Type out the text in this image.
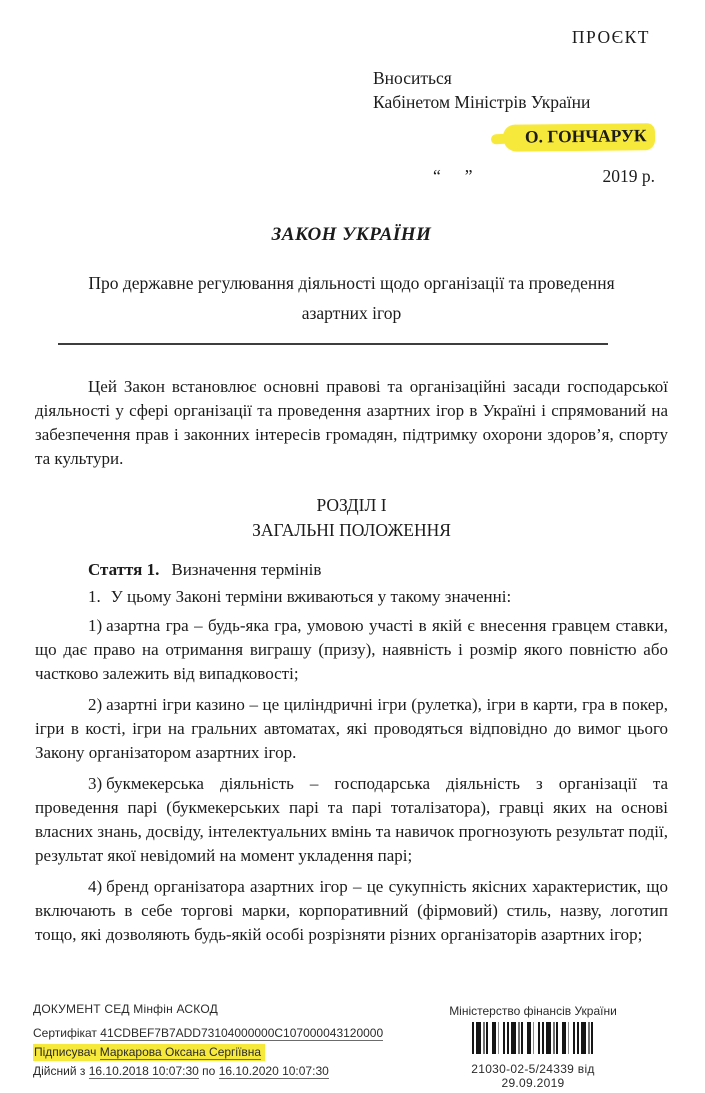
ПРОЄКТ
Вноситься
Кабінетом Міністрів України
О. ГОНЧАРУК
“”	2019 р.
ЗАКОН УКРАЇНИ
Про державне регулювання діяльності щодо організації та проведення азартних ігор

Цей Закон встановлює основні правові та організаційні засади господарської діяльності у сфері організації та проведення азартних ігор в Україні і спрямований на забезпечення прав і законних інтересів громадян, підтримку охорони здоров’я, спорту та культури.

РОЗДІЛ І
ЗАГАЛЬНІ ПОЛОЖЕННЯ

Стаття 1. Визначення термінів

1. У цьому Законі терміни вживаються у такому значенні:

1) азартна гра – будь-яка гра, умовою участі в якій є внесення гравцем ставки, що дає право на отримання виграшу (призу), наявність і розмір якого повністю або частково залежить від випадковості;

2) азартні ігри казино – це циліндричні ігри (рулетка), ігри в карти, гра в покер, ігри в кості, ігри на гральних автоматах, які проводяться відповідно до вимог цього Закону організатором азартних ігор.

3) букмекерська діяльність – господарська діяльність з організації та проведення парі (букмекерських парі та парі тоталізатора), гравці яких на основі власних знань, досвіду, інтелектуальних вмінь та навичок прогнозують результат події, результат якої невідомий на момент укладення парі;

4) бренд організатора азартних ігор – це сукупність якісних характеристик, що включають в себе торгові марки, корпоративний (фірмовий) стиль, назву, логотип тощо, які дозволяють будь-якій особі розрізняти різних організаторів азартних ігор;

ДОКУМЕНТ СЕД Мінфін АСКОД
Сертифікат 41CDBEF7B7ADD73104000000C107000043120000
Підписувач Маркарова Оксана Сергіївна
Дійсний з 16.10.2018 10:07:30 по 16.10.2020 10:07:30
Міністерство фінансів України
21030-02-5/24339 від 29.09.2019
